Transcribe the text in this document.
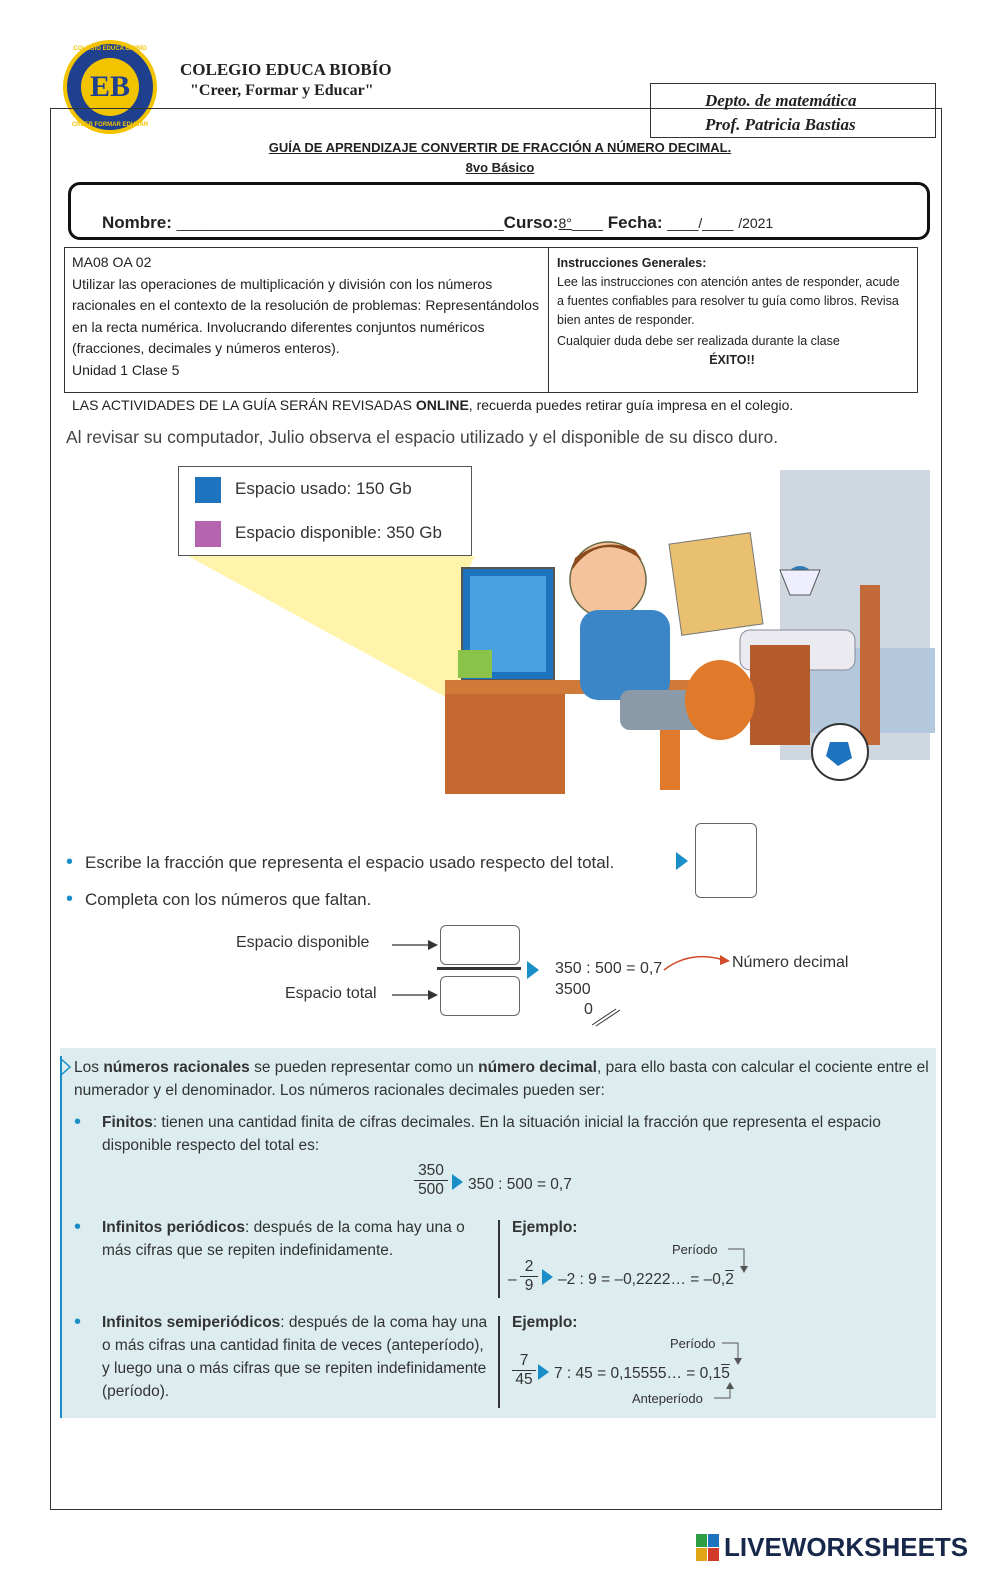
COLEGIO EDUCA BIOBÍO
EB
CREER FORMAR EDUCAR
COLEGIO EDUCA BIOBÍO
"Creer, Formar y Educar"
Depto. de matemática
Prof. Patricia Bastias
GUÍA DE APRENDIZAJE CONVERTIR DE FRACCIÓN A NÚMERO DECIMAL.
8vo Básico
Nombre: __________________________________________Curso:8°____ Fecha: ____/____ /2021
MA08 OA 02
Utilizar las operaciones de multiplicación y división con los números racionales en el contexto de la resolución de problemas: Representándolos en la recta numérica. Involucrando diferentes conjuntos numéricos (fracciones, decimales y números enteros).
Unidad 1 Clase 5
Instrucciones Generales:
Lee las instrucciones con atención antes de responder, acude a fuentes confiables para resolver tu guía como libros. Revisa bien antes de responder.
Cualquier duda debe ser realizada durante la clase
ÉXITO!!
LAS ACTIVIDADES DE LA GUÍA SERÁN REVISADAS ONLINE, recuerda puedes retirar guía impresa en el colegio.
Al revisar su computador, Julio observa el espacio utilizado y el disponible de su disco duro.
Espacio usado: 150 Gb
Espacio disponible: 350 Gb
• Escribe la fracción que representa el espacio usado respecto del total.
• Completa con los números que faltan.
Espacio disponible
Espacio total
350 : 500 = 0,7
3500
0
Número decimal
Los números racionales se pueden representar como un número decimal, para ello basta con calcular el cociente entre el numerador y el denominador. Los números racionales decimales pueden ser:
•	Finitos: tienen una cantidad finita de cifras decimales. En la situación inicial la fracción que representa el espacio disponible respecto del total es:
$\frac{350}{500} 350$ : 500 = 0,7
•	Infinitos periódicos: después de la coma hay una o más cifras que se repiten indefinidamente.
Ejemplo:
Período
– $\frac{2}{9} -2$ : 9 = –0,2222… = –0,2
•	Infinitos semiperiódicos: después de la coma hay una o más cifras una cantidad finita de veces (anteperíodo), y luego una o más cifras que se repiten indefinidamente (período).
Ejemplo:
Período
$\frac{7}{45} 7$ : 45 = 0,15555… = 0,15
Anteperíodo
LIVEWORKSHEETS
